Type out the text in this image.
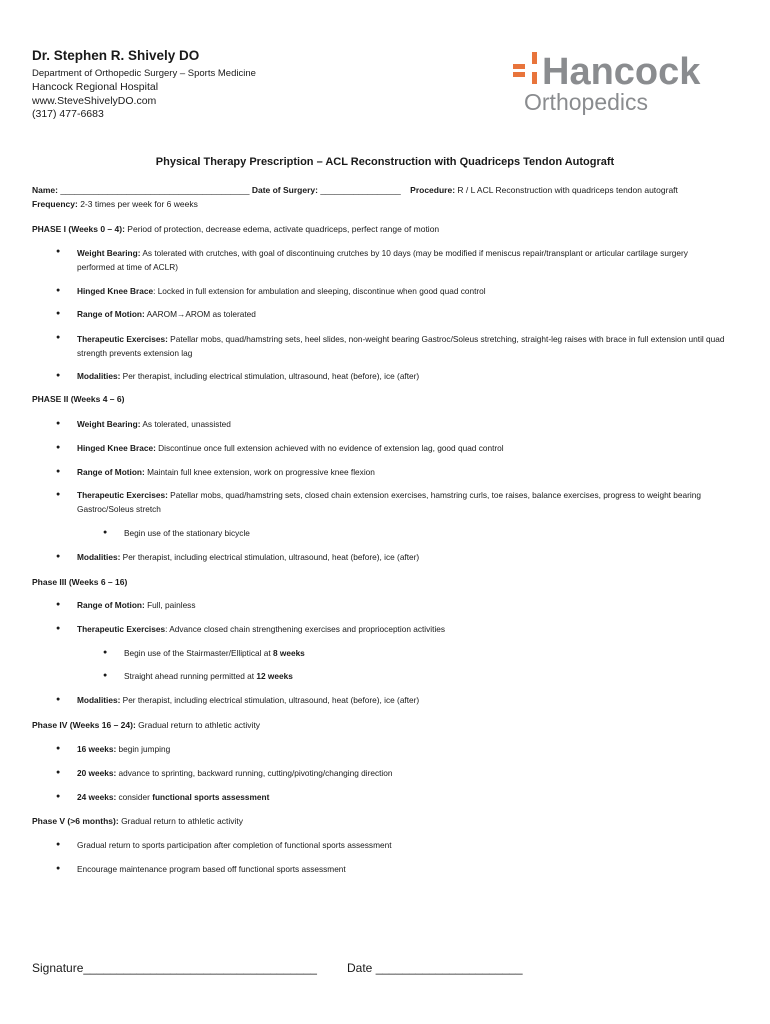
Dr. Stephen R. Shively DO
Department of Orthopedic Surgery – Sports Medicine
Hancock Regional Hospital
www.SteveShivelyDO.com
(317) 477-6683
Hancock
Orthopedics
Physical Therapy Prescription – ACL Reconstruction with Quadriceps Tendon Autograft
Name: ________________________________________ Date of Surgery: _________________ Procedure: R / L ACL Reconstruction with quadriceps tendon autograft
Frequency: 2-3 times per week for 6 weeks
PHASE I (Weeks 0 – 4): Period of protection, decrease edema, activate quadriceps, perfect range of motion
● Weight Bearing: As tolerated with crutches, with goal of discontinuing crutches by 10 days (may be modified if meniscus repair/transplant or articular cartilage surgery performed at time of ACLR)
● Hinged Knee Brace: Locked in full extension for ambulation and sleeping, discontinue when good quad control
● Range of Motion: AAROM→AROM as tolerated
● Therapeutic Exercises: Patellar mobs, quad/hamstring sets, heel slides, non-weight bearing Gastroc/Soleus stretching, straight-leg raises with brace in full extension until quad strength prevents extension lag
● Modalities: Per therapist, including electrical stimulation, ultrasound, heat (before), ice (after)
PHASE II (Weeks 4 – 6)
● Weight Bearing: As tolerated, unassisted
● Hinged Knee Brace: Discontinue once full extension achieved with no evidence of extension lag, good quad control
● Range of Motion: Maintain full knee extension, work on progressive knee flexion
● Therapeutic Exercises: Patellar mobs, quad/hamstring sets, closed chain extension exercises, hamstring curls, toe raises, balance exercises, progress to weight bearing Gastroc/Soleus stretch
● Begin use of the stationary bicycle
● Modalities: Per therapist, including electrical stimulation, ultrasound, heat (before), ice (after)
Phase III (Weeks 6 – 16)
● Range of Motion: Full, painless
● Therapeutic Exercises: Advance closed chain strengthening exercises and proprioception activities
● Begin use of the Stairmaster/Elliptical at 8 weeks
● Straight ahead running permitted at 12 weeks
● Modalities: Per therapist, including electrical stimulation, ultrasound, heat (before), ice (after)
Phase IV (Weeks 16 – 24): Gradual return to athletic activity
● 16 weeks: begin jumping
● 20 weeks: advance to sprinting, backward running, cutting/pivoting/changing direction
● 24 weeks: consider functional sports assessment
Phase V (>6 months): Gradual return to athletic activity
● Gradual return to sports participation after completion of functional sports assessment
● Encourage maintenance program based off functional sports assessment
Signature___________________________________	Date ______________________
